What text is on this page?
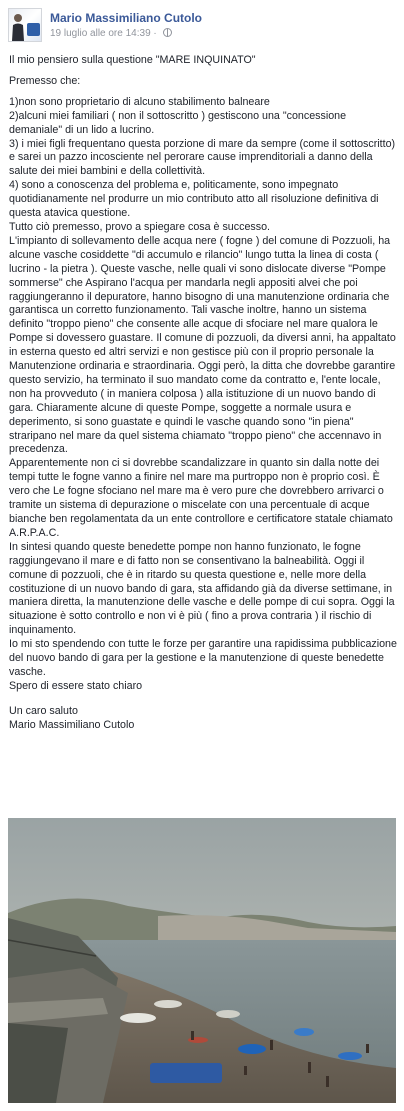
Mario Massimiliano Cutolo
19 luglio alle ore 14:39 ·

Il mio pensiero sulla questione "MARE INQUINATO"

Premesso che:

1)non sono proprietario di alcuno stabilimento balneare

2)alcuni miei familiari ( non il sottoscritto ) gestiscono una "concessione demaniale" di un lido a lucrino.

3) i miei figli frequentano questa porzione di mare da sempre (come il sottoscritto) e sarei un pazzo incosciente nel perorare cause imprenditoriali a danno della salute dei miei bambini e della collettività.

4) sono a conoscenza del problema e, politicamente, sono impegnato quotidianamente nel produrre un mio contributo atto all risoluzione definitiva di questa atavica questione.

Tutto ciò premesso, provo a spiegare cosa è successo.

L'impianto di sollevamento delle acqua nere ( fogne ) del comune di Pozzuoli, ha alcune vasche cosiddette "di accumulo e rilancio" lungo tutta la linea di costa ( lucrino - la pietra ). Queste vasche, nelle quali vi sono dislocate diverse "Pompe sommerse" che Aspirano l'acqua per mandarla negli appositi alvei che poi raggiungeranno il depuratore, hanno bisogno di una manutenzione ordinaria che garantisca un corretto funzionamento. Tali vasche inoltre, hanno un sistema definito "troppo pieno" che consente alle acque di sfociare nel mare qualora le Pompe si dovessero guastare. Il comune di pozzuoli, da diversi anni, ha appaltato in esterna questo ed altri servizi e non gestisce più con il proprio personale la Manutenzione ordinaria e straordinaria. Oggi però, la ditta che dovrebbe garantire questo servizio, ha terminato il suo mandato come da contratto e, l'ente locale, non ha provveduto ( in maniera colposa ) alla istituzione di un nuovo bando di gara. Chiaramente alcune di queste Pompe, soggette a normale usura e deperimento, si sono guastate e quindi le vasche quando sono "in piena" straripano nel mare da quel sistema chiamato "troppo pieno" che accennavo in precedenza.

Apparentemente non ci si dovrebbe scandalizzare in quanto sin dalla notte dei tempi tutte le fogne vanno a finire nel mare ma purtroppo non è proprio così. È vero che Le fogne sfociano nel mare ma è vero pure che dovrebbero arrivarci o tramite un sistema di depurazione o miscelate con una percentuale di acque bianche ben regolamentata da un ente controllore e certificatore statale chiamato A.R.P.A.C.

In sintesi quando queste benedette pompe non hanno funzionato, le fogne raggiungevano il mare e di fatto non se consentivano la balneabilità. Oggi il comune di pozzuoli, che è in ritardo su questa questione e, nelle more della costituzione di un nuovo bando di gara, sta affidando già da diverse settimane, in maniera diretta, la manutenzione delle vasche e delle pompe di cui sopra. Oggi la situazione è sotto controllo e non vi è più ( fino a prova contraria ) il rischio di inquinamento.

Io mi sto spendendo con tutte le forze per garantire una rapidissima pubblicazione del nuovo bando di gara per la gestione e la manutenzione di queste benedette vasche.

Spero di essere stato chiaro

Un caro saluto

Mario Massimiliano Cutolo
